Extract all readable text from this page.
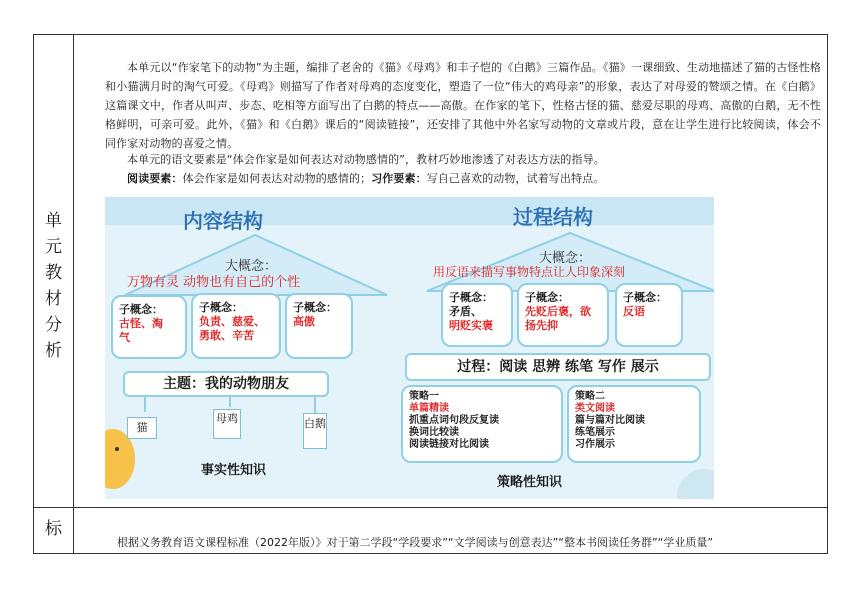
单
元
教
材
分
析
标

本单元以“作家笔下的动物”为主题，编排了老舍的《猫》《母鸡》和丰子恺的《白鹅》三篇作品。《猫》一课细致、生动地描述了猫的古怪性格和小猫满月时的淘气可爱。《母鸡》则描写了作者对母鸡的态度变化，塑造了一位“伟大的鸡母亲”的形象，表达了对母爱的赞颂之情。在《白鹅》这篇课文中，作者从叫声、步态、吃相等方面写出了白鹅的特点——高傲。在作家的笔下，性格古怪的猫、慈爱尽职的母鸡、高傲的白鹅，无不性格鲜明，可亲可爱。此外，《猫》和《白鹅》课后的“阅读链接”，还安排了其他中外名家写动物的文章或片段，意在让学生进行比较阅读，体会不同作家对动物的喜爱之情。

本单元的语文要素是“体会作家是如何表达对动物感情的”，教材巧妙地渗透了对表达方法的指导。

阅读要素：体会作家是如何表达对动物的感情的；习作要素：写自己喜欢的动物，试着写出特点。

内容结构
大概念：
万物有灵 动物也有自己的个性
子概念：
古怪、淘气
子概念：
负责、慈爱、勇敢、辛苦
子概念：
高傲
主题：我的动物朋友
猫
母鸡	白鹅
事实性知识
过程结构
大概念：
用反语来描写事物特点让人印象深刻
子概念：
矛盾、
明贬实褒
子概念：
先贬后褒，欲扬先抑
子概念：
反语
过程：阅读 思辨 练笔 写作 展示
策略一
单篇精读
抓重点词句段反复读
换词比较读
阅读链接对比阅读
策略二
类文阅读
篇与篇对比阅读
练笔展示
习作展示
策略性知识
根据义务教育语文课程标准（2022年版）》对于第二学段“学段要求”“文学阅读与创意表达”“整本书阅读任务群”“学业质量”
